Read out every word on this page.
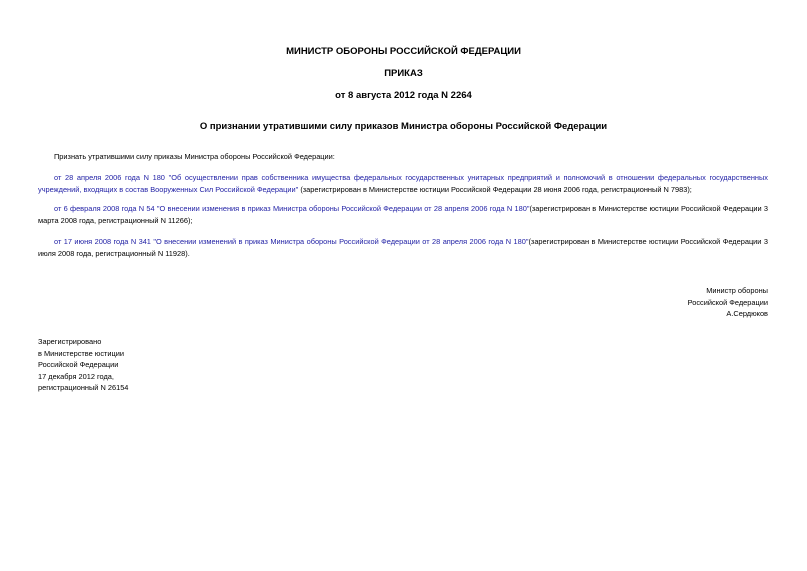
МИНИСТР ОБОРОНЫ РОССИЙСКОЙ ФЕДЕРАЦИИ

ПРИКАЗ

от 8 августа 2012 года N 2264

О признании утратившими силу приказов Министра обороны Российской Федерации

Признать утратившими силу приказы Министра обороны Российской Федерации:

от 28 апреля 2006 года N 180 "Об осуществлении прав собственника имущества федеральных государственных унитарных предприятий и полномочий в отношении федеральных государственных учреждений, входящих в состав Вооруженных Сил Российской Федерации" (зарегистрирован в Министерстве юстиции Российской Федерации 28 июня 2006 года, регистрационный N 7983);

от 6 февраля 2008 года N 54 "О внесении изменения в приказ Министра обороны Российской Федерации от 28 апреля 2006 года N 180"(зарегистрирован в Министерстве юстиции Российской Федерации 3 марта 2008 года, регистрационный N 11266);

от 17 июня 2008 года N 341 "О внесении изменений в приказ Министра обороны Российской Федерации от 28 апреля 2006 года N 180"(зарегистрирован в Министерстве юстиции Российской Федерации 3 июля 2008 года, регистрационный N 11928).

Министр обороны
Российской Федерации
А.Сердюков

Зарегистрировано
в Министерстве юстиции
Российской Федерации
17 декабря 2012 года,
регистрационный N 26154
